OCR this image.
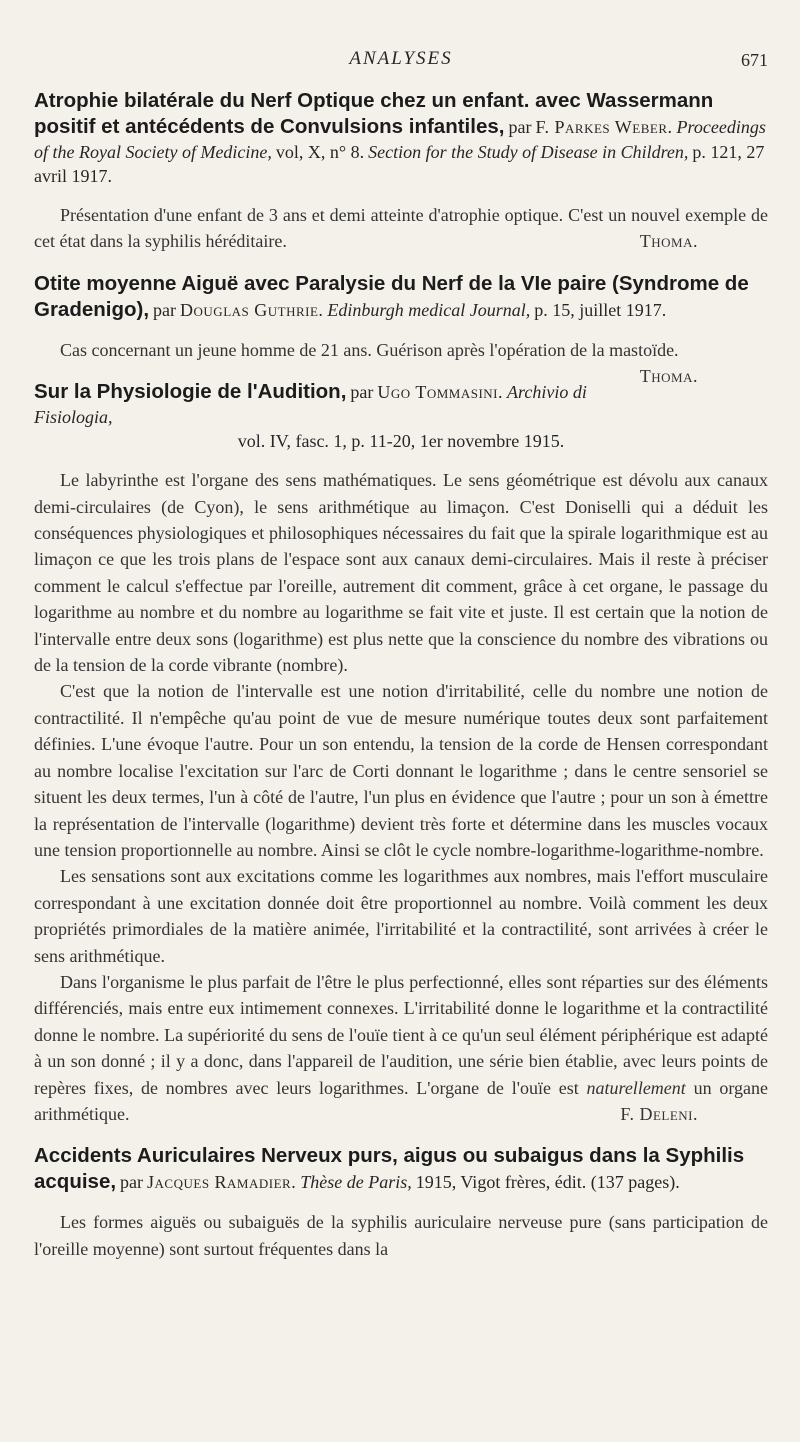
ANALYSES	671
Atrophie bilatérale du Nerf Optique chez un enfant. avec Wassermann positif et antécédents de Convulsions infantiles, par F. Parkes Weber. Proceedings of the Royal Society of Medicine, vol, X, n° 8. Section for the Study of Disease in Children, p. 121, 27 avril 1917.

Présentation d'une enfant de 3 ans et demi atteinte d'atrophie optique. C'est un nouvel exemple de cet état dans la syphilis héréditaire.	Thoma.

Otite moyenne Aiguë avec Paralysie du Nerf de la VIe paire (Syndrome de Gradenigo), par Douglas Guthrie. Edinburgh medical Journal, p. 15, juillet 1917.

Cas concernant un jeune homme de 21 ans. Guérison après l'opération de la mastoïde.
Thoma.

Sur la Physiologie de l'Audition, par Ugo Tommasini. Archivio di Fisiologia,
vol. IV, fasc. 1, p. 11-20, 1er novembre 1915.

Le labyrinthe est l'organe des sens mathématiques. Le sens géométrique est dévolu aux canaux demi-circulaires (de Cyon), le sens arithmétique au limaçon. C'est Doniselli qui a déduit les conséquences physiologiques et philosophiques nécessaires du fait que la spirale logarithmique est au limaçon ce que les trois plans de l'espace sont aux canaux demi-circulaires. Mais il reste à préciser comment le calcul s'effectue par l'oreille, autrement dit comment, grâce à cet organe, le passage du logarithme au nombre et du nombre au logarithme se fait vite et juste. Il est certain que la notion de l'intervalle entre deux sons (logarithme) est plus nette que la conscience du nombre des vibrations ou de la tension de la corde vibrante (nombre).

C'est que la notion de l'intervalle est une notion d'irritabilité, celle du nombre une notion de contractilité. Il n'empêche qu'au point de vue de mesure numérique toutes deux sont parfaitement définies. L'une évoque l'autre. Pour un son entendu, la tension de la corde de Hensen correspondant au nombre localise l'excitation sur l'arc de Corti donnant le logarithme ; dans le centre sensoriel se situent les deux termes, l'un à côté de l'autre, l'un plus en évidence que l'autre ; pour un son à émettre la représentation de l'intervalle (logarithme) devient très forte et détermine dans les muscles vocaux une tension proportionnelle au nombre. Ainsi se clôt le cycle nombre-logarithme-logarithme-nombre.

Les sensations sont aux excitations comme les logarithmes aux nombres, mais l'effort musculaire correspondant à une excitation donnée doit être proportionnel au nombre. Voilà comment les deux propriétés primordiales de la matière animée, l'irritabilité et la contractilité, sont arrivées à créer le sens arithmétique.

Dans l'organisme le plus parfait de l'être le plus perfectionné, elles sont réparties sur des éléments différenciés, mais entre eux intimement connexes. L'irritabilité donne le logarithme et la contractilité donne le nombre. La supériorité du sens de l'ouïe tient à ce qu'un seul élément périphérique est adapté à un son donné ; il y a donc, dans l'appareil de l'audition, une série bien établie, avec leurs points de repères fixes, de nombres avec leurs logarithmes. L'organe de l'ouïe est naturellement un organe arithmétique.	F. Deleni.

Accidents Auriculaires Nerveux purs, aigus ou subaigus dans la Syphilis acquise, par Jacques Ramadier. Thèse de Paris, 1915, Vigot frères, édit. (137 pages).

Les formes aiguës ou subaiguës de la syphilis auriculaire nerveuse pure (sans participation de l'oreille moyenne) sont surtout fréquentes dans la
